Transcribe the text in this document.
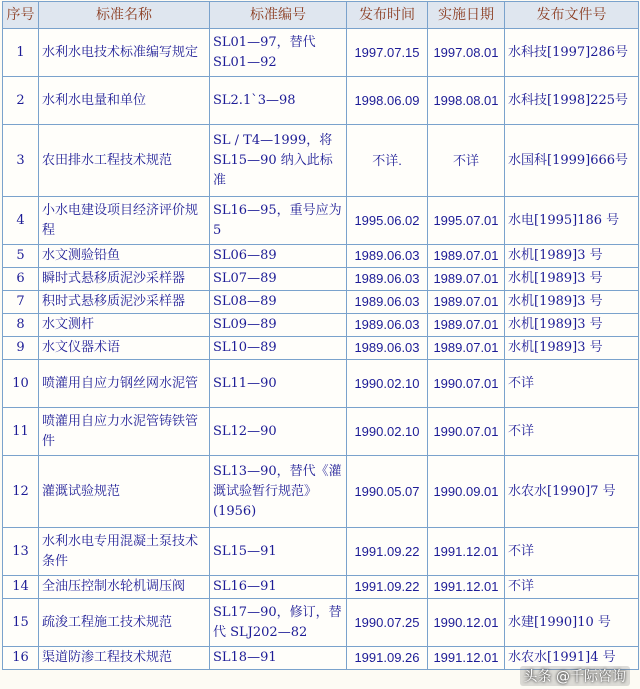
序号	标准名称	标准编号	发布时间	实施日期	发布文件号
1	水利水电技术标准编写规定	SL01—97，替代SL01—92	1997.07.15	1997.08.01	水科技[1997]286号
2	水利水电量和单位	SL2.1`3—98	1998.06.09	1998.08.01	水科技[1998]225号
3	农田排水工程技术规范	SL / T4—1999，将SL15—90 纳入此标准	不详.	不详	水国科[1999]666号
4	小水电建设项目经济评价规程	SL16—95，重号应为 5	1995.06.02	1995.07.01	水电[1995]186 号
5	水文测验铅鱼	SL06—89	1989.06.03	1989.07.01	水机[1989]3 号
6	瞬时式悬移质泥沙采样器	SL07—89	1989.06.03	1989.07.01	水机[1989]3 号
7	积时式悬移质泥沙采样器	SL08—89	1989.06.03	1989.07.01	水机[1989]3 号
8	水文测杆	SL09—89	1989.06.03	1989.07.01	水机[1989]3 号
9	水文仪器术语	SL10—89	1989.06.03	1989.07.01	水机[1989]3 号
10	喷灌用自应力钢丝网水泥管	SL11—90	1990.02.10	1990.07.01	不详
11	喷灌用自应力水泥管铸铁管件	SL12—90	1990.02.10	1990.07.01	不详
12	灌溉试验规范	SL13—90，替代《灌溉试验暂行规范》 (1956)	1990.05.07	1990.09.01	水农水[1990]7 号
13	水利水电专用混凝土泵技术条件	SL15—91	1991.09.22	1991.12.01	不详
14	全油压控制水轮机调压阀	SL16—91	1991.09.22	1991.12.01	不详
15	疏浚工程施工技术规范	SL17—90，修订，替代 SLJ202—82	1990.07.25	1990.12.01	水建[1990]10 号
16	渠道防渗工程技术规范	SL18—91	1991.09.26	1991.12.01	水农水[1991]4 号
头条 @千际咨询
